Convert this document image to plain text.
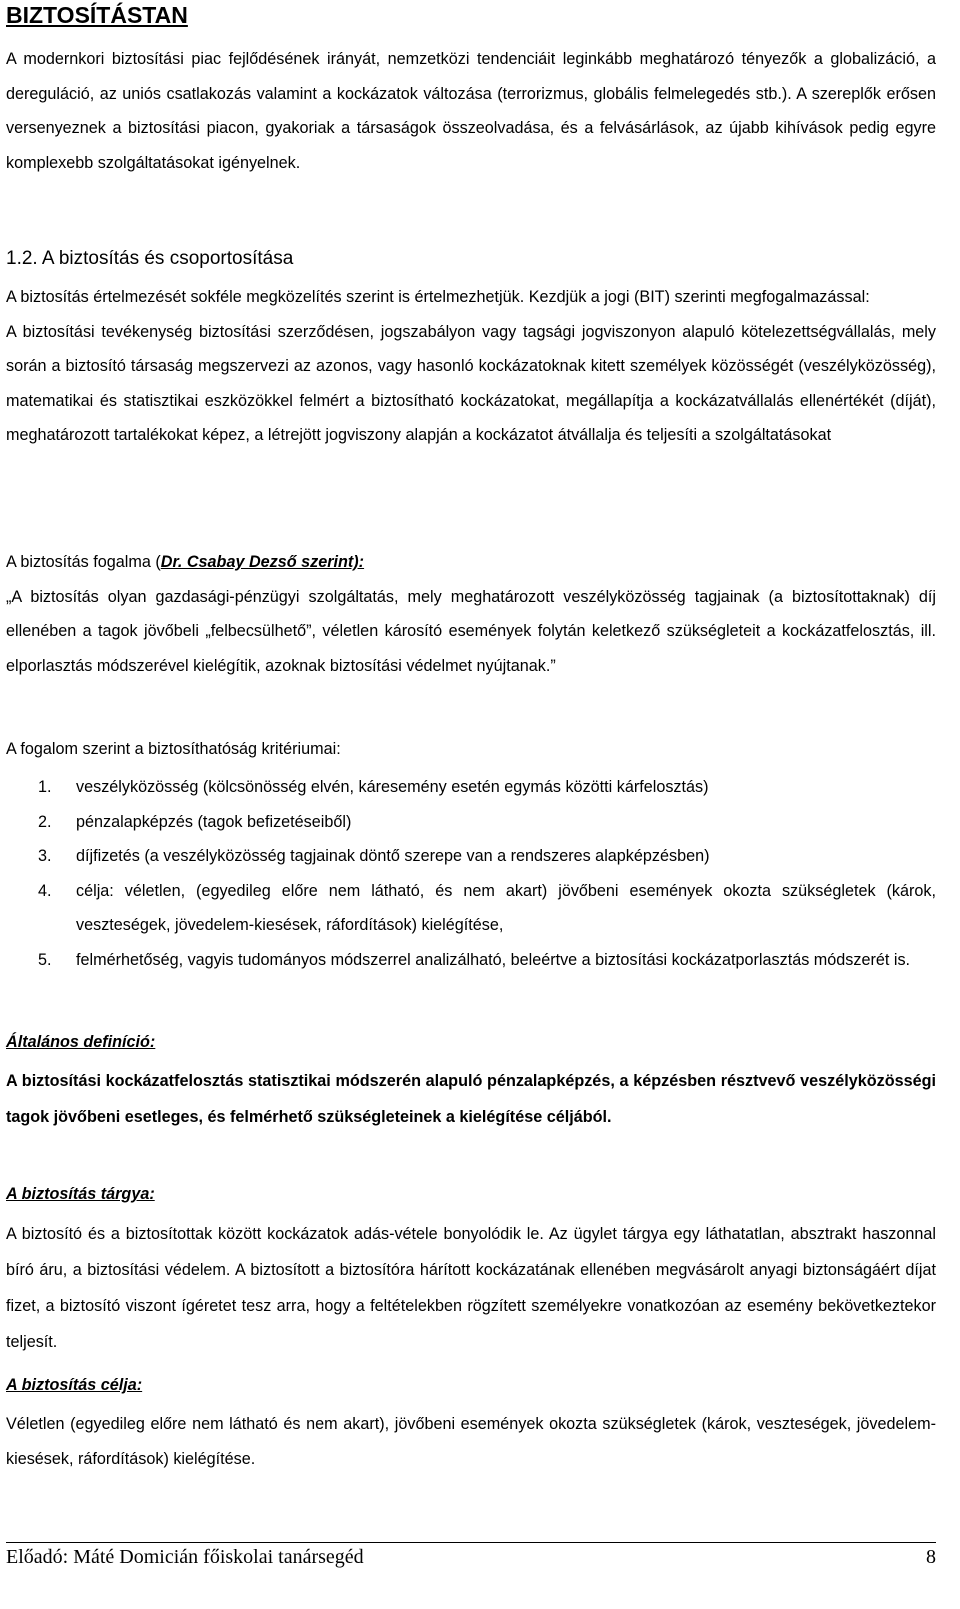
BIZTOSÍTÁSTAN

A modernkori biztosítási piac fejlődésének irányát, nemzetközi tendenciáit leginkább meghatározó tényezők a globalizáció, a dereguláció, az uniós csatlakozás valamint a kockázatok változása (terrorizmus, globális felmelegedés stb.). A szereplők erősen versenyeznek a biztosítási piacon, gyakoriak a társaságok összeolvadása, és a felvásárlások, az újabb kihívások pedig egyre komplexebb szolgáltatásokat igényelnek.

1.2. A biztosítás és csoportosítása
A biztosítás értelmezését sokféle megközelítés szerint is értelmezhetjük. Kezdjük a jogi (BIT) szerinti megfogalmazással:
A biztosítási tevékenység biztosítási szerződésen, jogszabályon vagy tagsági jogviszonyon alapuló kötelezettségvállalás, mely során a biztosító társaság megszervezi az azonos, vagy hasonló kockázatoknak kitett személyek közösségét (veszélyközösség), matematikai és statisztikai eszközökkel felmért a biztosítható kockázatokat, megállapítja a kockázatvállalás ellenértékét (díját), meghatározott tartalékokat képez, a létrejött jogviszony alapján a kockázatot átvállalja és teljesíti a szolgáltatásokat
A biztosítás fogalma (Dr. Csabay Dezső szerint):
„A biztosítás olyan gazdasági-pénzügyi szolgáltatás, mely meghatározott veszélyközösség tagjainak (a biztosítottaknak) díj ellenében a tagok jövőbeli „felbecsülhető”, véletlen károsító események folytán keletkező szükségleteit a kockázatfelosztás, ill. elporlasztás módszerével kielégítik, azoknak biztosítási védelmet nyújtanak.”
A fogalom szerint a biztosíthatóság kritériumai:
1. veszélyközösség (kölcsönösség elvén, káresemény esetén egymás közötti kárfelosztás)
2. pénzalapképzés (tagok befizetéseiből)
3. díjfizetés (a veszélyközösség tagjainak döntő szerepe van a rendszeres alapképzésben)
4. célja: véletlen, (egyedileg előre nem látható, és nem akart) jövőbeni események okozta szükségletek (károk, veszteségek, jövedelem-kiesések, ráfordítások) kielégítése,
5. felmérhetőség, vagyis tudományos módszerrel analizálható, beleértve a biztosítási kockázatporlasztás módszerét is.
Általános definíció:

A biztosítási kockázatfelosztás statisztikai módszerén alapuló pénzalapképzés, a képzésben résztvevő veszélyközösségi tagok jövőbeni esetleges, és felmérhető szükségleteinek a kielégítése céljából.

A biztosítás tárgya:

A biztosító és a biztosítottak között kockázatok adás-vétele bonyolódik le. Az ügylet tárgya egy láthatatlan, absztrakt haszonnal bíró áru, a biztosítási védelem. A biztosított a biztosítóra hárított kockázatának ellenében megvásárolt anyagi biztonságáért díjat fizet, a biztosító viszont ígéretet tesz arra, hogy a feltételekben rögzített személyekre vonatkozóan az esemény bekövetkeztekor teljesít.

A biztosítás célja:

Véletlen (egyedileg előre nem látható és nem akart), jövőbeni események okozta szükségletek (károk, veszteségek, jövedelem-kiesések, ráfordítások) kielégítése.

Előadó: Máté Domicián főiskolai tanársegéd	8
